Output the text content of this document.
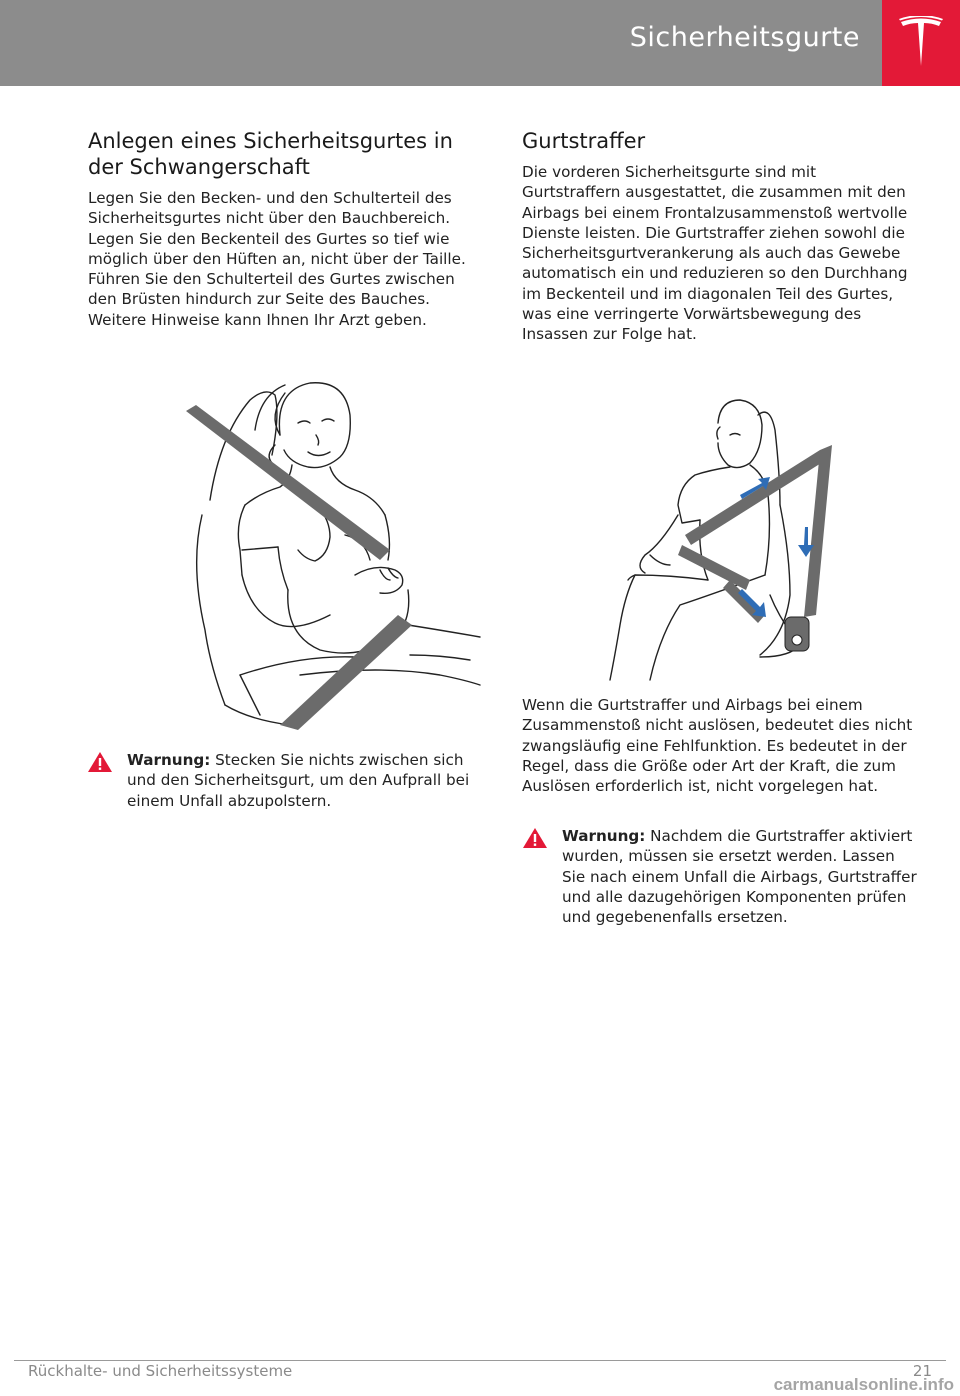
Sicherheitsgurte
Anlegen eines Sicherheitsgurtes in der Schwangerschaft

Legen Sie den Becken- und den Schulterteil des Sicherheitsgurtes nicht über den Bauchbereich. Legen Sie den Beckenteil des Gurtes so tief wie möglich über den Hüften an, nicht über der Taille. Führen Sie den Schulterteil des Gurtes zwischen den Brüsten hindurch zur Seite des Bauches. Weitere Hinweise kann Ihnen Ihr Arzt geben.

Warnung: Stecken Sie nichts zwischen sich und den Sicherheitsgurt, um den Aufprall bei einem Unfall abzupolstern.
Gurtstraffer

Die vorderen Sicherheitsgurte sind mit Gurtstraffern ausgestattet, die zusammen mit den Airbags bei einem Frontalzusammenstoß wertvolle Dienste leisten. Die Gurtstraffer ziehen sowohl die Sicherheitsgurtverankerung als auch das Gewebe automatisch ein und reduzieren so den Durchhang im Beckenteil und im diagonalen Teil des Gurtes, was eine verringerte Vorwärtsbewegung des Insassen zur Folge hat.

Wenn die Gurtstraffer und Airbags bei einem Zusammenstoß nicht auslösen, bedeutet dies nicht zwangsläufig eine Fehlfunktion. Es bedeutet in der Regel, dass die Größe oder Art der Kraft, die zum Auslösen erforderlich ist, nicht vorgelegen hat.

Warnung: Nachdem die Gurtstraffer aktiviert wurden, müssen sie ersetzt werden. Lassen Sie nach einem Unfall die Airbags, Gurtstraffer und alle dazugehörigen Komponenten prüfen und gegebenenfalls ersetzen.
Rückhalte- und Sicherheitssysteme	21
carmanualsonline.info
